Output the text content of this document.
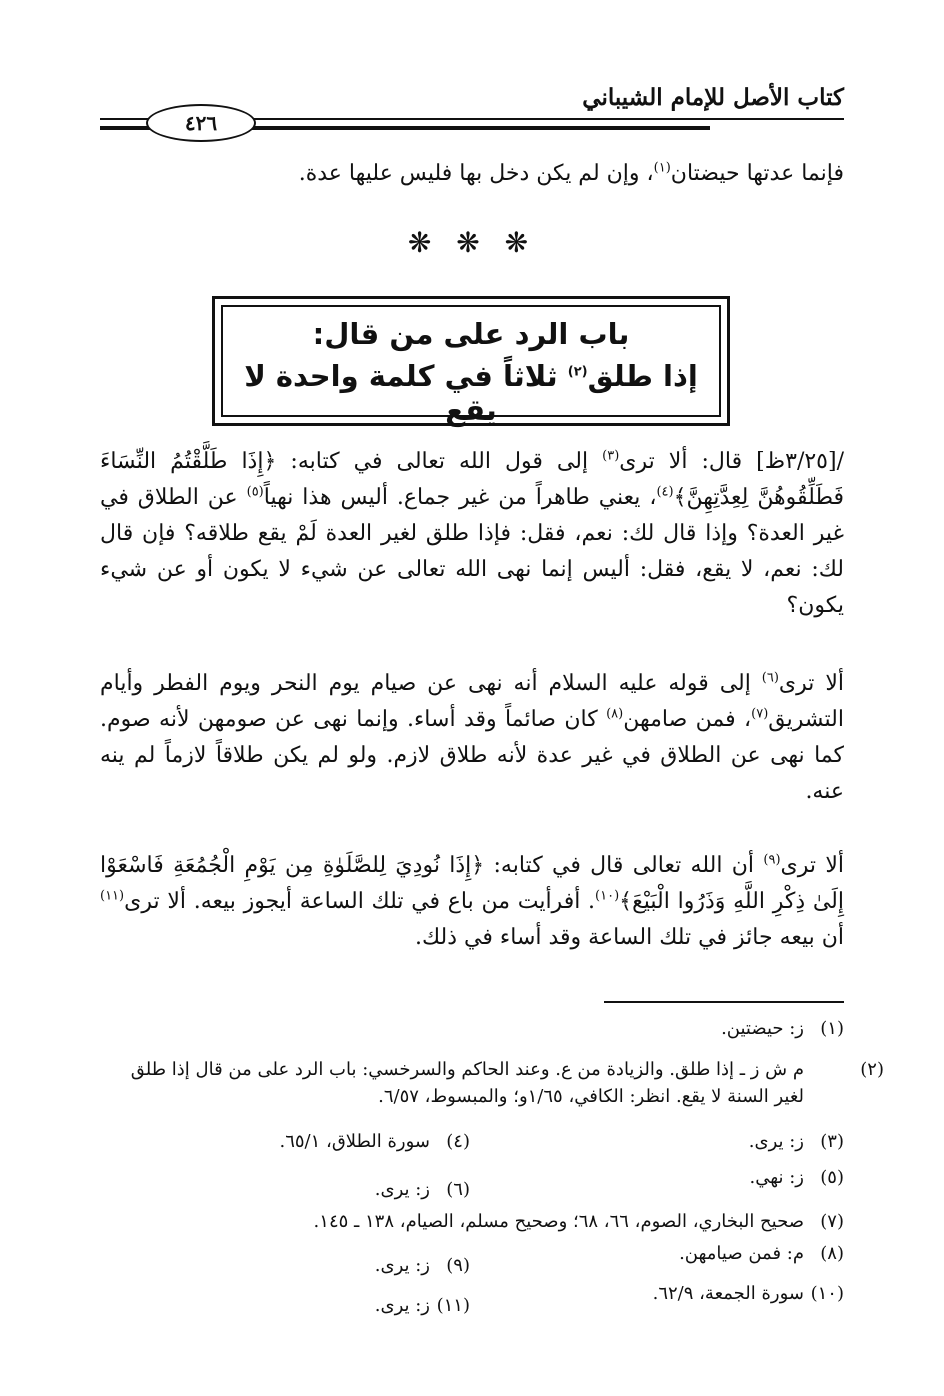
كتاب الأصل للإمام الشيباني
٤٢٦
فإنما عدتها حيضتان$^{(١)}$، وإن لم يكن دخل بها فليس عليها عدة.
❋ ❋ ❋
باب الرد على من قال:
إذا طلق$^{(٢)}$ ثلاثاً في كلمة واحدة لا يقع
/[٣/٢٥ظ] قال: ألا ترى$^{(٣)}$ إلى قول الله تعالى في كتابه: ﴿إِذَا طَلَّقْتُمُ النِّسَاءَ فَطَلِّقُوهُنَّ لِعِدَّتِهِنَّ﴾$^{(٤)}$، يعني طاهراً من غير جماع. أليس هذا نهياً$^{(٥)}$ عن الطلاق في غير العدة؟ وإذا قال لك: نعم، فقل: فإذا طلق لغير العدة لَمْ يقع طلاقه؟ فإن قال لك: نعم، لا يقع، فقل: أليس إنما نهى الله تعالى عن شيء لا يكون أو عن شيء يكون؟
ألا ترى$^{(٦)}$ إلى قوله عليه السلام أنه نهى عن صيام يوم النحر ويوم الفطر وأيام التشريق$^{(٧)}$، فمن صامهن$^{(٨)}$ كان صائماً وقد أساء. وإنما نهى عن صومهن لأنه صوم. كما نهى عن الطلاق في غير عدة لأنه طلاق لازم. ولو لم يكن طلاقاً لازماً لم ينه عنه.
ألا ترى$^{(٩)}$ أن الله تعالى قال في كتابه: ﴿إِذَا نُودِيَ لِلصَّلَوٰةِ مِن يَوْمِ الْجُمُعَةِ فَاسْعَوْا إِلَىٰ ذِكْرِ اللَّهِ وَذَرُوا الْبَيْعَ﴾$^{(١٠)}$. أفرأيت من باع في تلك الساعة أيجوز بيعه. ألا ترى$^{(١١)}$ أن بيعه جائز في تلك الساعة وقد أساء في ذلك.
(١)ز: حيضتين.
(٢)م ش ز ـ إذا طلق. والزيادة من ع. وعند الحاكم والسرخسي: باب الرد على من قال إذا طلق لغير السنة لا يقع. انظر: الكافي، ١/٦٥و؛ والمبسوط، ٦/٥٧.
(٣)ز: يرى.
(٤)سورة الطلاق، ٦٥/١.
(٥)ز: نهي.
(٦)ز: يرى.
(٧)صحيح البخاري، الصوم، ٦٦، ٦٨؛ وصحيح مسلم، الصيام، ١٣٨ ـ ١٤٥.
(٨)م: فمن صيامهن.
(٩)ز: يرى.
(١٠)سورة الجمعة، ٦٢/٩.
(١١)ز: يرى.
